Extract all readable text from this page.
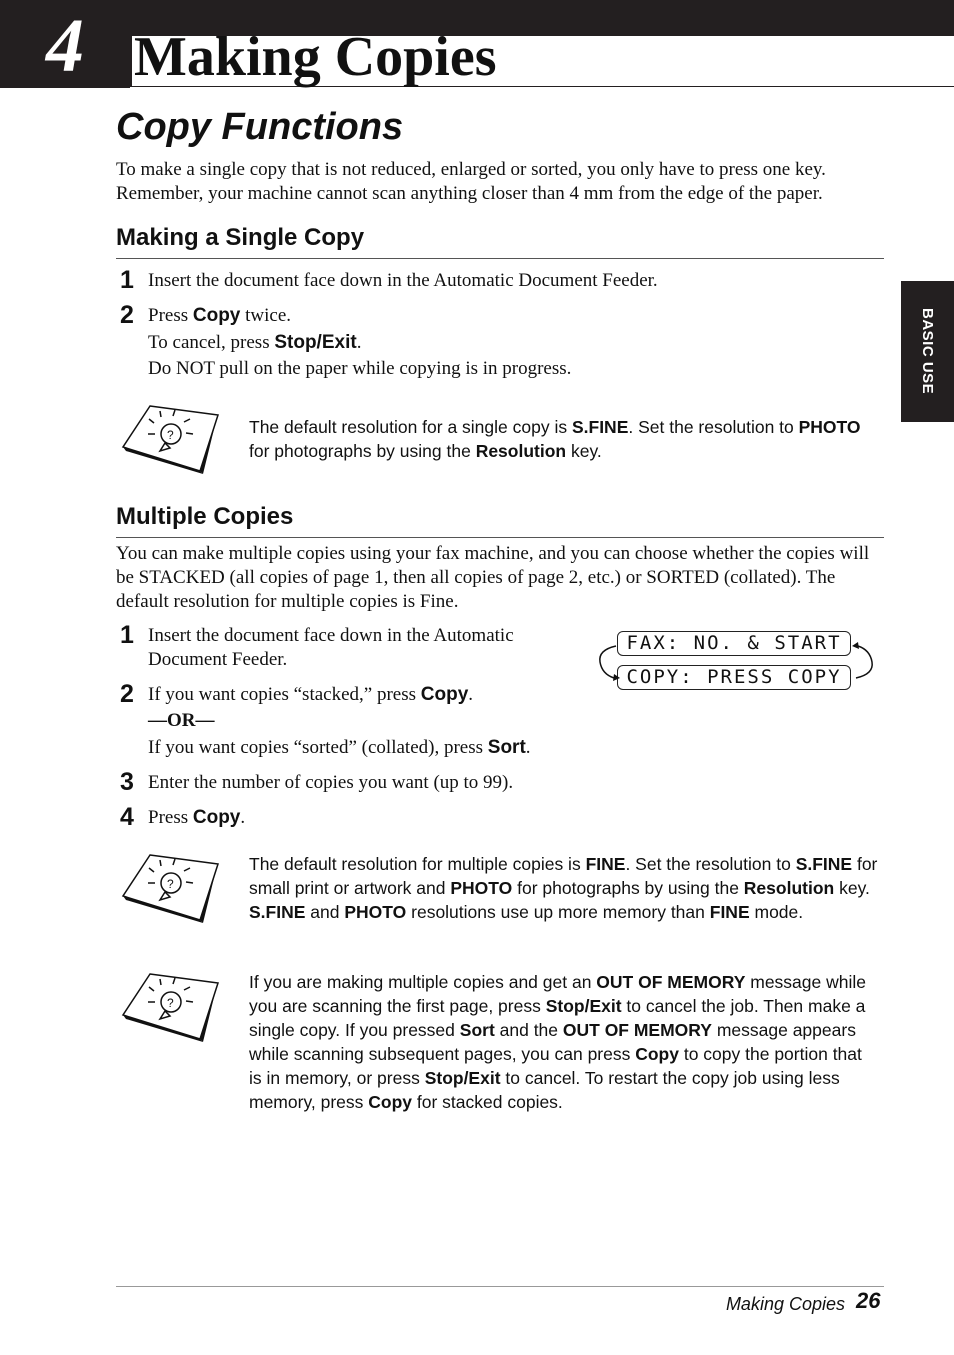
4 Making Copies
Copy Functions
To make a single copy that is not reduced, enlarged or sorted, you only have to press one key. Remember, your machine cannot scan anything closer than 4 mm from the edge of the paper.
Making a Single Copy
1 Insert the document face down in the Automatic Document Feeder.
2 Press Copy twice.
To cancel, press Stop/Exit.
Do NOT pull on the paper while copying is in progress.
?	The default resolution for a single copy is S.FINE. Set the resolution to PHOTO for photographs by using the Resolution key.
Multiple Copies
You can make multiple copies using your fax machine, and you can choose whether the copies will be STACKED (all copies of page 1, then all copies of page 2, etc.) or SORTED (collated). The default resolution for multiple copies is Fine.
1 Insert the document face down in the Automatic
Document Feeder.
2 If you want copies “stacked,” press Copy.
—OR—
If you want copies “sorted” (collated), press Sort.
3 Enter the number of copies you want (up to 99).
4 Press Copy.
FAX: NO. & START
COPY: PRESS COPY
?
The default resolution for multiple copies is FINE. Set the resolution to S.FINE for small print or artwork and PHOTO for photographs by using the Resolution key. S.FINE and PHOTO resolutions use up more memory than FINE mode.
?
If you are making multiple copies and get an OUT OF MEMORY message while you are scanning the first page, press Stop/Exit to cancel the job. Then make a single copy. If you pressed Sort and the OUT OF MEMORY message appears while scanning subsequent pages, you can press Copy to copy the portion that is in memory, or press Stop/Exit to cancel. To restart the copy job using less memory, press Copy for stacked copies.
BASIC USE
Making Copies 26
